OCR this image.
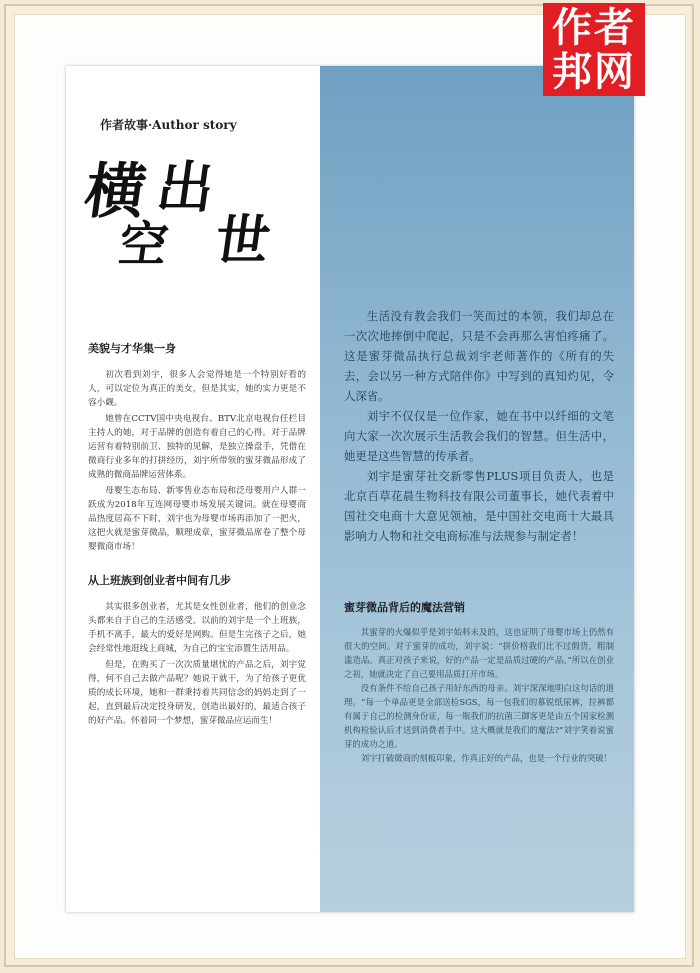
作者故事·Author story
横 出
空 世
美貌与才华集一身

初次看到刘宇，很多人会觉得她是一个特别好看的人，可以定位为真正的美女，但是其实，她的实力更是不容小觑。

她曾在CCTV国中央电视台、BTV北京电视台任栏目主持人的她，对于品牌的创造有着自己的心得。对于品牌运营有着特别前卫、独特的见解，是独立操盘手，凭借在微商行业多年的打拼经历，刘宇所带领的蜜芽微品形成了成熟的微商品牌运营体系。

母婴生态布局、新零售业态布局和泛母婴用户人群一跃成为2018年互连网母婴市场发展关键词。就在母婴商品热度居高不下时，刘宇也为母婴市场再添加了一把火，这把火就是蜜芽微品，顺理成章，蜜芽微品席卷了整个母婴微商市场！

从上班族到创业者中间有几步

其实很多创业者，尤其是女性创业者，他们的创业念头都来自于自己的生活感受。以前的刘宇是一个上班族，手机不离手，最大的爱好是网购。但是生完孩子之后，她会经常性地逛线上商城，为自己的宝宝添置生活用品。

但是，在购买了一次次质量堪忧的产品之后，刘宇觉得，何不自己去做产品呢？她说干就干，为了给孩子更优质的成长环境，她和一群秉持着共同信念的妈妈走到了一起，直到最后决定投身研发，创造出最好的，最适合孩子的好产品。怀着同一个梦想，蜜芽微品应运而生！

生活没有教会我们一笑而过的本领，我们却总在一次次地摔倒中爬起，只是不会再那么害怕疼痛了。这是蜜芽微品执行总裁刘宇老师著作的《所有的失去，会以另一种方式陪伴你》中写到的真知灼见，令人深省。

刘宇不仅仅是一位作家，她在书中以纤细的文笔向大家一次次展示生活教会我们的智慧。但生活中，她更是这些智慧的传承者。

刘宇是蜜芽社交新零售PLUS项目负责人，也是北京百草花晨生物科技有限公司董事长，她代表着中国社交电商十大意见领袖，是中国社交电商十大最具影响力人物和社交电商标准与法规参与制定者！

蜜芽微品背后的魔法营销

其蜜芽的火爆似乎是刘宇始料未及的，这也证明了母婴市场上仍然有很大的空间。对于蜜芽的成功，刘宇说：“拼价格我们比不过假货，粗制滥造品。真正对孩子来说，好的产品一定是品质过硬的产品。”所以在创业之初，她就决定了自己要用品质打开市场。

没有条件不给自己孩子用好东西的母亲。刘宇深深地明白这句话的道理。“每一个单品更是全部送检SGS，每一包我们的慕锐纸尿裤，拉裤都有属于自己的检测身份证，每一瓶我们的抗菌三御客更是由五个国家检测机构检验认后才送到消费者手中。这大概就是我们的魔法?”刘宇笑着说蜜芽的成功之道。

刘宇打破微商的刻板印象，作真正好的产品，也是一个行业的突破！

作者
邦网
